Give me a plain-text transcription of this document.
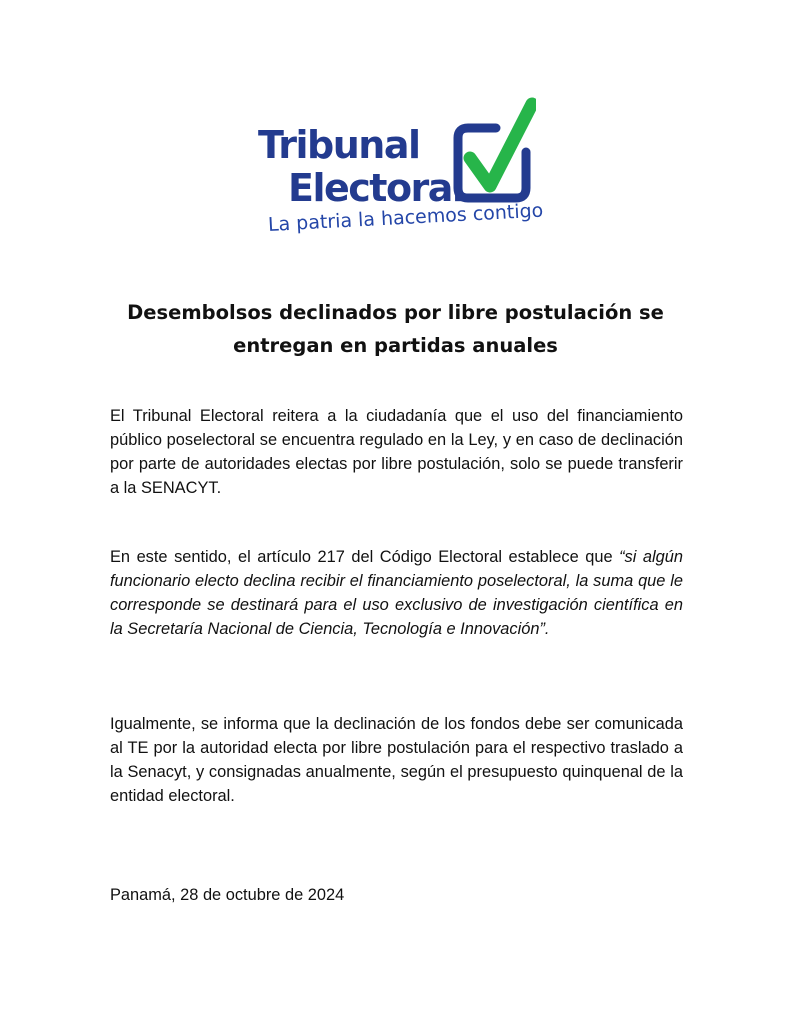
Tribunal
Electoral
La patria la hacemos contigo
Desembolsos declinados por libre postulación se entregan en partidas anuales

El Tribunal Electoral reitera a la ciudadanía que el uso del financiamiento público poselectoral se encuentra regulado en la Ley, y en caso de declinación por parte de autoridades electas por libre postulación, solo se puede transferir a la SENACYT.

En este sentido, el artículo 217 del Código Electoral establece que “si algún funcionario electo declina recibir el financiamiento poselectoral, la suma que le corresponde se destinará para el uso exclusivo de investigación científica en la Secretaría Nacional de Ciencia, Tecnología e Innovación”.

Igualmente, se informa que la declinación de los fondos debe ser comunicada al TE por la autoridad electa por libre postulación para el respectivo traslado a la Senacyt, y consignadas anualmente, según el presupuesto quinquenal de la entidad electoral.

Panamá, 28 de octubre de 2024
